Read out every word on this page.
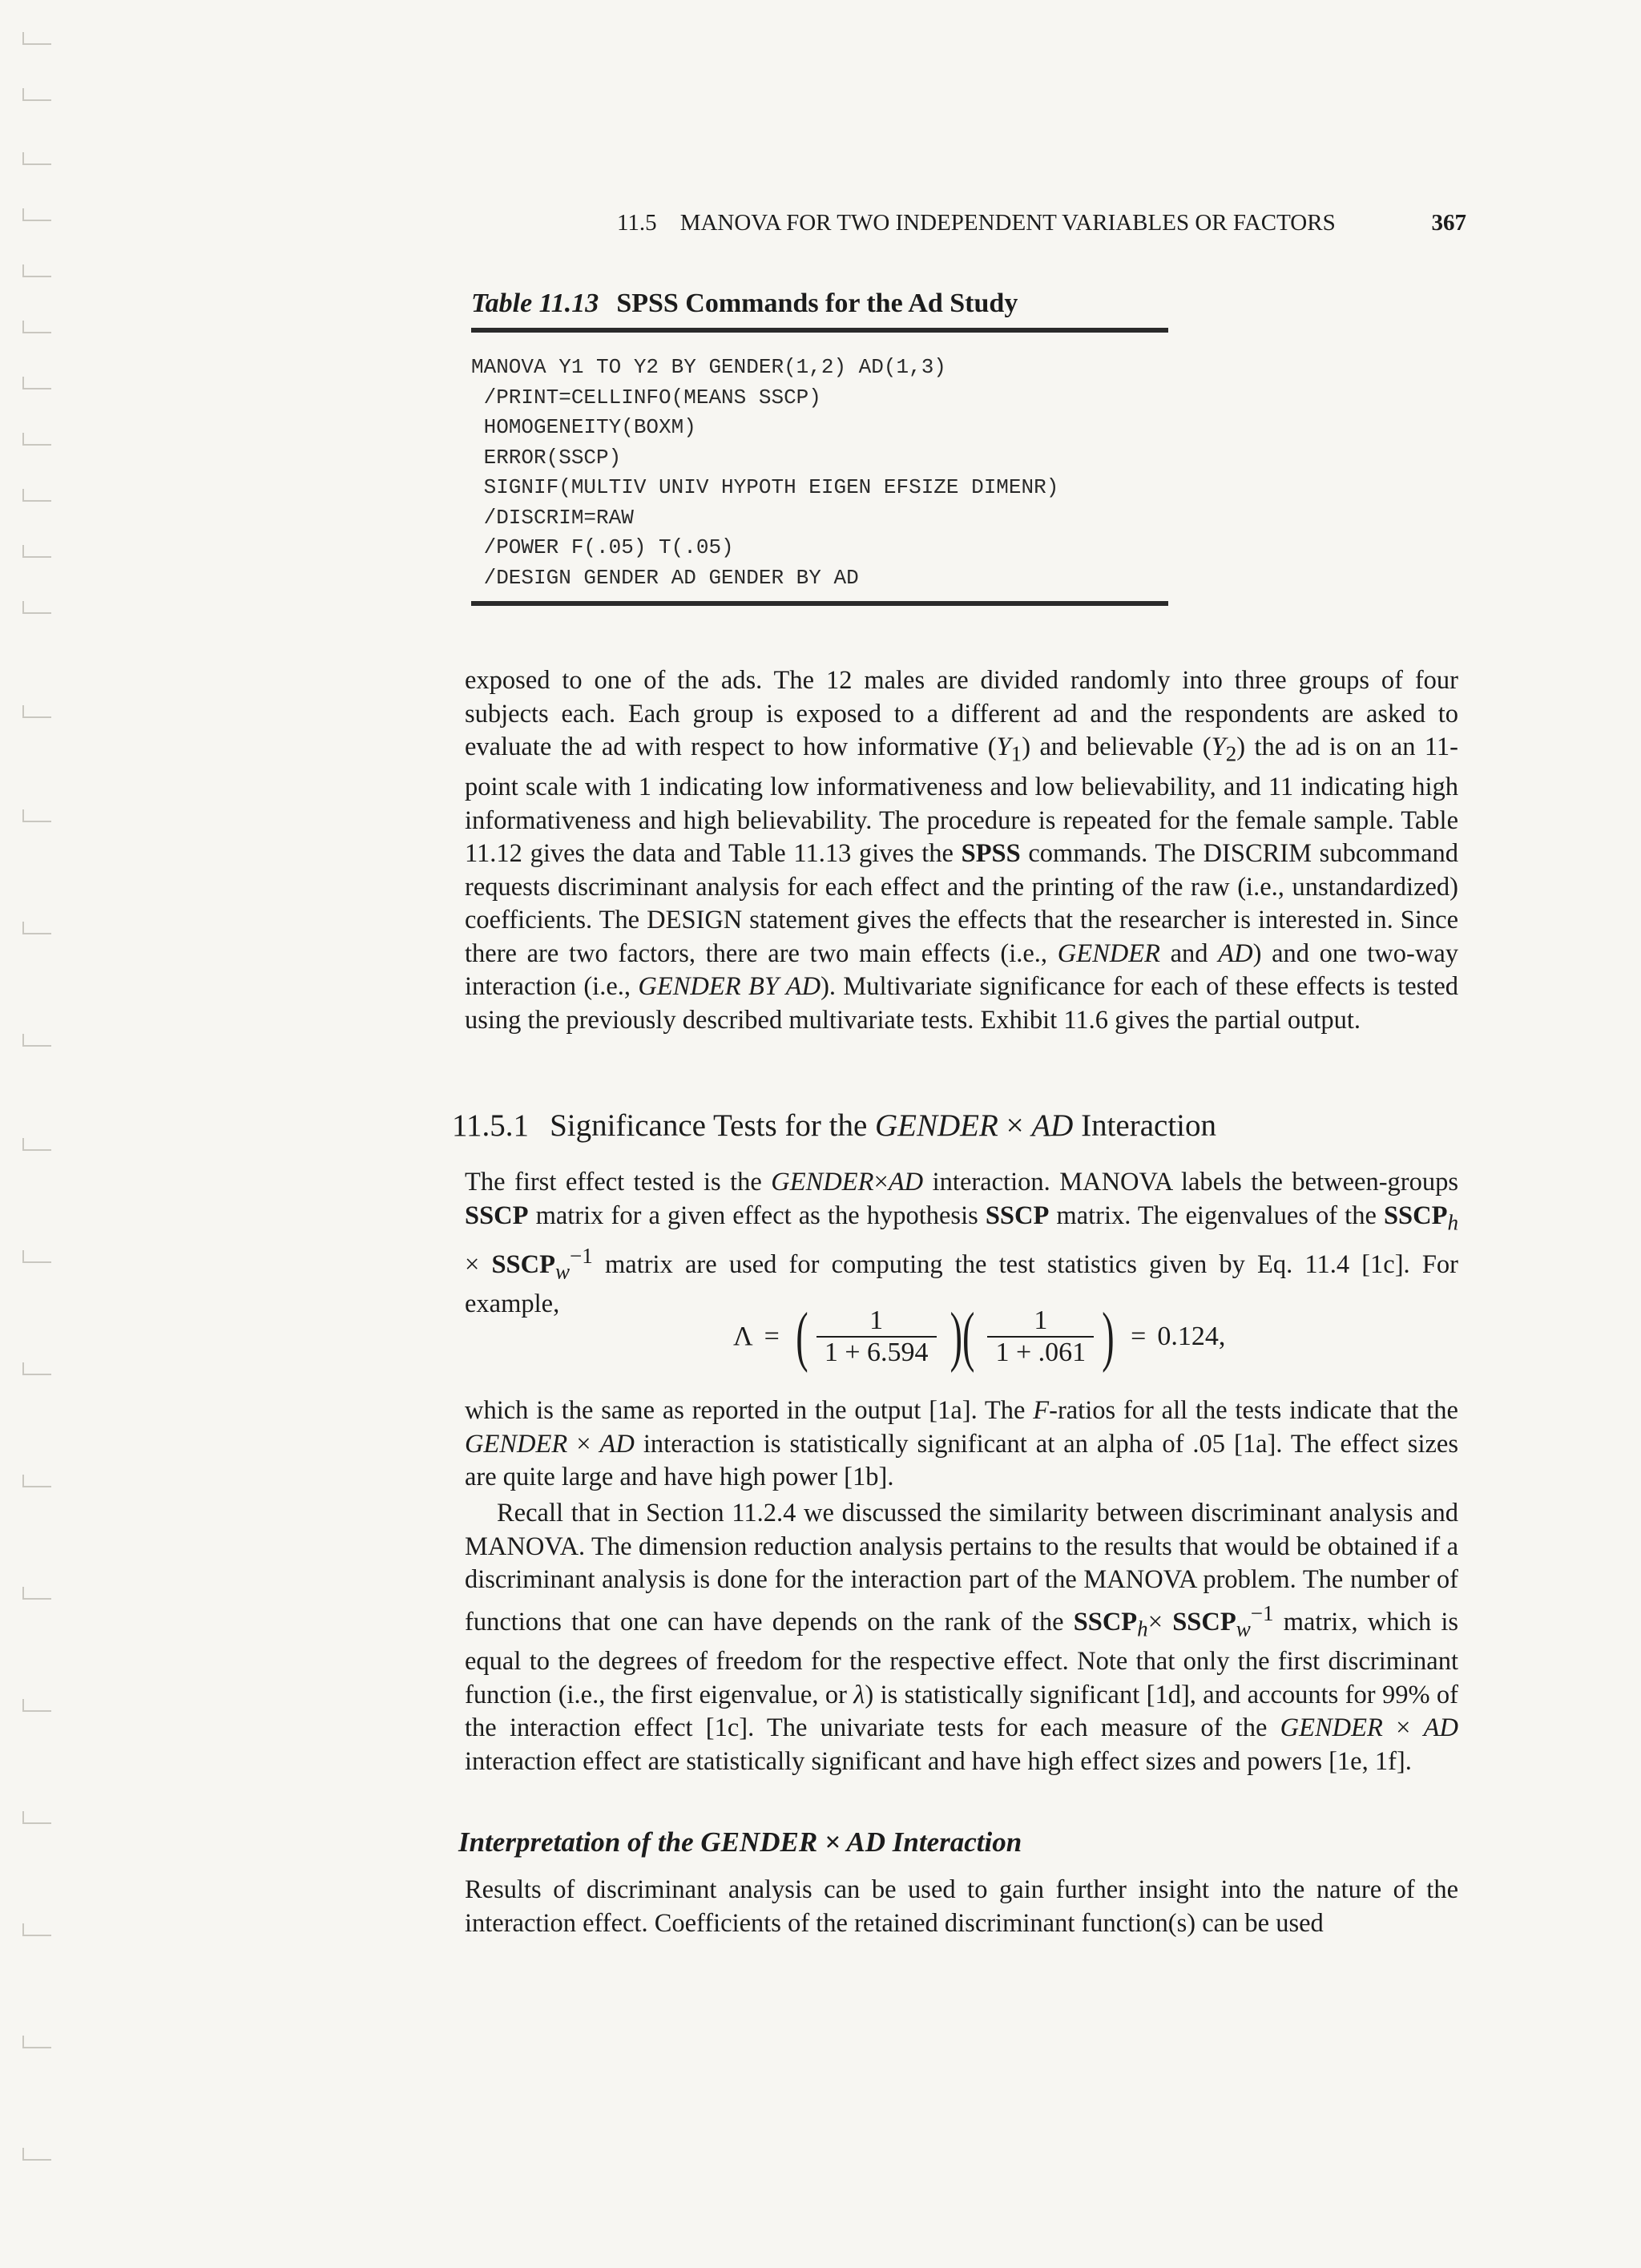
11.5 MANOVA FOR TWO INDEPENDENT VARIABLES OR FACTORS	367
Table 11.13 SPSS Commands for the Ad Study
MANOVA Y1 TO Y2 BY GENDER(1,2) AD(1,3)
/PRINT=CELLINFO(MEANS SSCP)
HOMOGENEITY(BOXM)
ERROR(SSCP)
SIGNIF(MULTIV UNIV HYPOTH EIGEN EFSIZE DIMENR)
/DISCRIM=RAW
/POWER F(.05) T(.05)
/DESIGN GENDER AD GENDER BY AD

exposed to one of the ads. The 12 males are divided randomly into three groups of four subjects each. Each group is exposed to a different ad and the respondents are asked to evaluate the ad with respect to how informative $(Y_1)$ and believable $(Y_2)$ the ad is on an 11-point scale with 1 indicating low informativeness and low believability, and 11 indicating high informativeness and high believability. The procedure is repeated for the female sample. Table 11.12 gives the data and Table 11.13 gives the SPSS commands. The DISCRIM subcommand requests discriminant analysis for each effect and the printing of the raw (i.e., unstandardized) coefficients. The DESIGN statement gives the effects that the researcher is interested in. Since there are two factors, there are two main effects (i.e., GENDER and AD) and one two-way interaction (i.e., GENDER BY AD). Multivariate significance for each of these effects is tested using the previously described multivariate tests. Exhibit 11.6 gives the partial output.

11.5.1 Significance Tests for the GENDER × AD Interaction

The first effect tested is the GENDER×AD interaction. MANOVA labels the between-groups SSCP matrix for a given effect as the hypothesis SSCP matrix. The eigenvalues of the $SSCP_h$ × $SSCP_w^{-1}$ matrix are used for computing the test statistics given by Eq. 11.4 [1c]. For example,

Λ = ( $\frac{1}{1 + 6.594}$ )( $\frac{1}{1 + .061}$ ) = 0.124,

which is the same as reported in the output [1a]. The F-ratios for all the tests indicate that the GENDER × AD interaction is statistically significant at an alpha of .05 [1a]. The effect sizes are quite large and have high power [1b].

Recall that in Section 11.2.4 we discussed the similarity between discriminant analysis and MANOVA. The dimension reduction analysis pertains to the results that would be obtained if a discriminant analysis is done for the interaction part of the MANOVA problem. The number of functions that one can have depends on the rank of the $SSCP_h\times$ $SSCP_w^{-1}$ matrix, which is equal to the degrees of freedom for the respective effect. Note that only the first discriminant function (i.e., the first eigenvalue, or λ) is statistically significant [1d], and accounts for 99% of the interaction effect [1c]. The univariate tests for each measure of the GENDER × AD interaction effect are statistically significant and have high effect sizes and powers [1e, 1f].

Interpretation of the GENDER × AD Interaction

Results of discriminant analysis can be used to gain further insight into the nature of the interaction effect. Coefficients of the retained discriminant function(s) can be used
